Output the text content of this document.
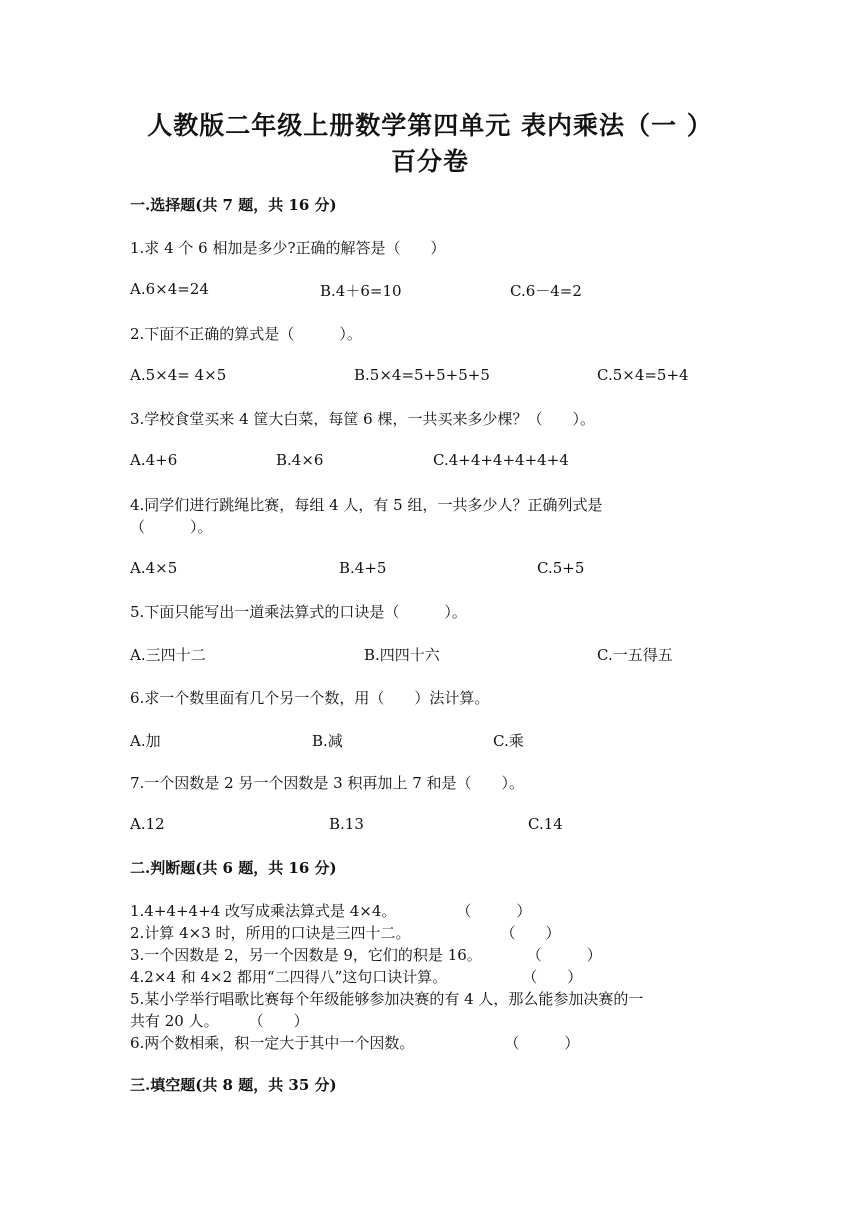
人教版二年级上册数学第四单元 表内乘法（一 ）
百分卷
一.选择题(共 7 题，共 16 分)
1.求 4 个 6 相加是多少?正确的解答是（　　）
A.6×4=24	B.4＋6=10	C.6－4=2
2.下面不正确的算式是（　　　）。
A.5×4= 4×5	B.5×4=5+5+5+5	C.5×4=5+4
3.学校食堂买来 4 筐大白菜，每筐 6 棵，一共买来多少棵？（　　）。
A.4+6	B.4×6	C.4+4+4+4+4+4
4.同学们进行跳绳比赛，每组 4 人，有 5 组，一共多少人？正确列式是
（　　　）。
A.4×5	B.4+5	C.5+5
5.下面只能写出一道乘法算式的口诀是（　　　）。
A.三四十二	B.四四十六	C.一五得五
6.求一个数里面有几个另一个数，用（　　）法计算。
A.加	B.减	C.乘
7.一个因数是 2 另一个因数是 3 积再加上 7 和是（　　）。
A.12	B.13	C.14
二.判断题(共 6 题，共 16 分)
1.4+4+4+4 改写成乘法算式是 4×4。　　　　　（　　　）
2.计算 4×3 时，所用的口诀是三四十二。　　　　　　　（　　）
3.一个因数是 2，另一个因数是 9，它们的积是 16。　　　　（　　　）
4.2×4 和 4×2 都用“二四得八”这句口诀计算。　　　　　　（　　）
5.某小学举行唱歌比赛每个年级能够参加决赛的有 4 人，那么能参加决赛的一
共有 20 人。　　　（　　）
6.两个数相乘，积一定大于其中一个因数。　　　　　　　（　　　）
三.填空题(共 8 题，共 35 分)
